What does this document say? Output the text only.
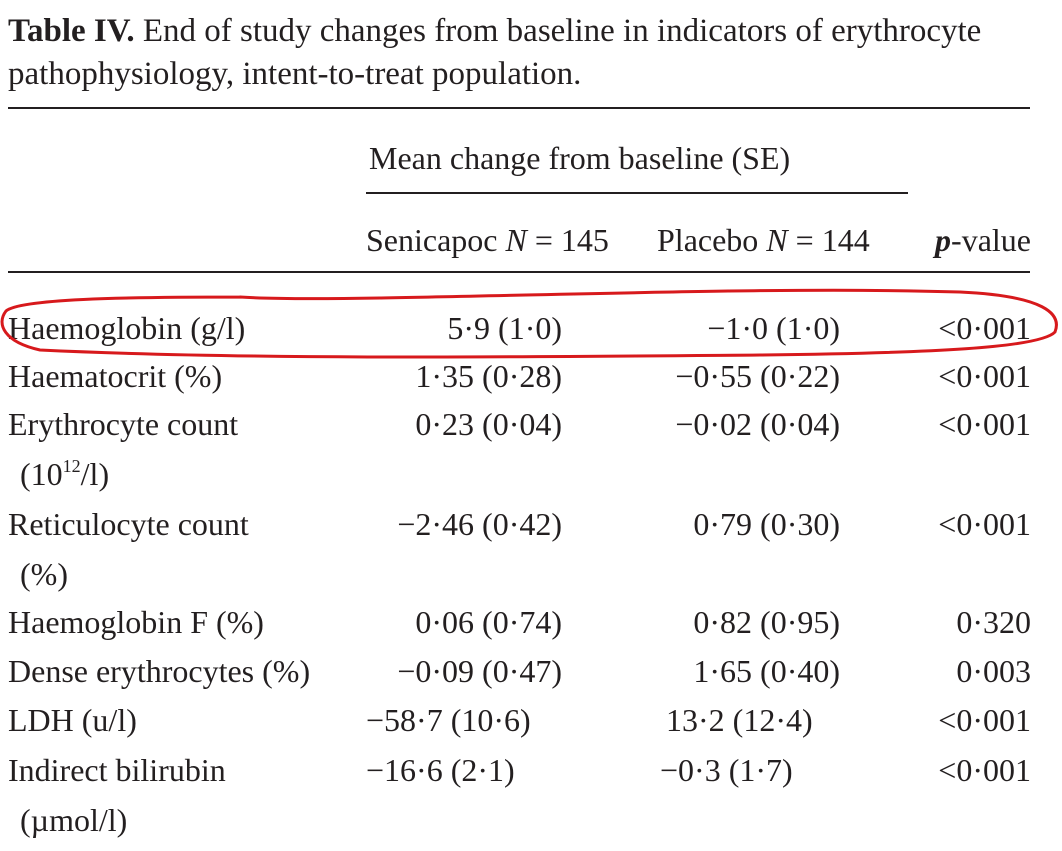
Table IV. End of study changes from baseline in indicators of erythrocyte pathophysiology, intent-to-treat population.
Mean change from baseline (SE)
Senicapoc N = 145 Placebo N = 144 p-value
Haemoglobin (g/l)	5·9 (1·0)	−1·0 (1·0)	<0·001
Haematocrit (%)	1·35 (0·28)	−0·55 (0·22)	<0·001
Erythrocyte count
$(10^{12}/l)$
0·23 (0·04)	−0·02 (0·04)	<0·001
Reticulocyte count
(%)
−2·46 (0·42)	0·79 (0·30)	<0·001
Haemoglobin F (%)	0·06 (0·74)	0·82 (0·95)	0·320
Dense erythrocytes (%)	−0·09 (0·47)	1·65 (0·40)	0·003
LDH (u/l)	−58·7 (10·6)	13·2 (12·4)	<0·001
Indirect bilirubin
(µmol/l)
−16·6 (2·1)	−0·3 (1·7)	<0·001
